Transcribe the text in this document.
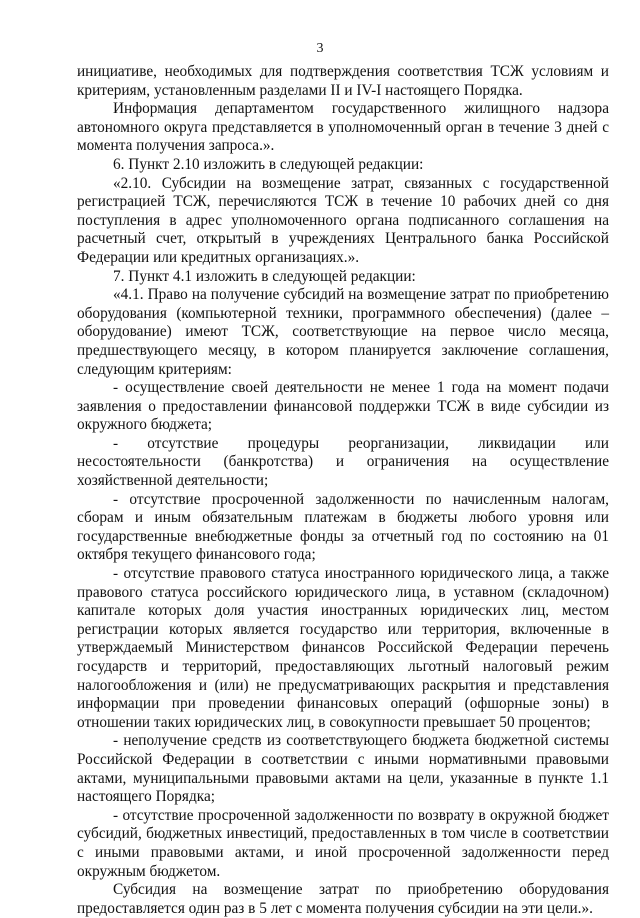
3

инициативе, необходимых для подтверждения соответствия ТСЖ условиям и критериям, установленным разделами II и IV-I настоящего Порядка.

Информация департаментом государственного жилищного надзора автономного округа представляется в уполномоченный орган в течение 3 дней с момента получения запроса.».

6. Пункт 2.10 изложить в следующей редакции:

«2.10. Субсидии на возмещение затрат, связанных с государственной регистрацией ТСЖ, перечисляются ТСЖ в течение 10 рабочих дней со дня поступления в адрес уполномоченного органа подписанного соглашения на расчетный счет, открытый в учреждениях Центрального банка Российской Федерации или кредитных организациях.».

7. Пункт 4.1 изложить в следующей редакции:

«4.1. Право на получение субсидий на возмещение затрат по приобретению оборудования (компьютерной техники, программного обеспечения) (далее – оборудование) имеют ТСЖ, соответствующие на первое число месяца, предшествующего месяцу, в котором планируется заключение соглашения, следующим критериям:

- осуществление своей деятельности не менее 1 года на момент подачи заявления о предоставлении финансовой поддержки ТСЖ в виде субсидии из окружного бюджета;

- отсутствие процедуры реорганизации, ликвидации или несостоятельности (банкротства) и ограничения на осуществление хозяйственной деятельности;

- отсутствие просроченной задолженности по начисленным налогам, сборам и иным обязательным платежам в бюджеты любого уровня или государственные внебюджетные фонды за отчетный год по состоянию на 01 октября текущего финансового года;

- отсутствие правового статуса иностранного юридического лица, а также правового статуса российского юридического лица, в уставном (складочном) капитале которых доля участия иностранных юридических лиц, местом регистрации которых является государство или территория, включенные в утверждаемый Министерством финансов Российской Федерации перечень государств и территорий, предоставляющих льготный налоговый режим налогообложения и (или) не предусматривающих раскрытия и представления информации при проведении финансовых операций (офшорные зоны) в отношении таких юридических лиц, в совокупности превышает 50 процентов;

- неполучение средств из соответствующего бюджета бюджетной системы Российской Федерации в соответствии с иными нормативными правовыми актами, муниципальными правовыми актами на цели, указанные в пункте 1.1 настоящего Порядка;

- отсутствие просроченной задолженности по возврату в окружной бюджет субсидий, бюджетных инвестиций, предоставленных в том числе в соответствии с иными правовыми актами, и иной просроченной задолженности перед окружным бюджетом.

Субсидия на возмещение затрат по приобретению оборудования предоставляется один раз в 5 лет с момента получения субсидии на эти цели.».
